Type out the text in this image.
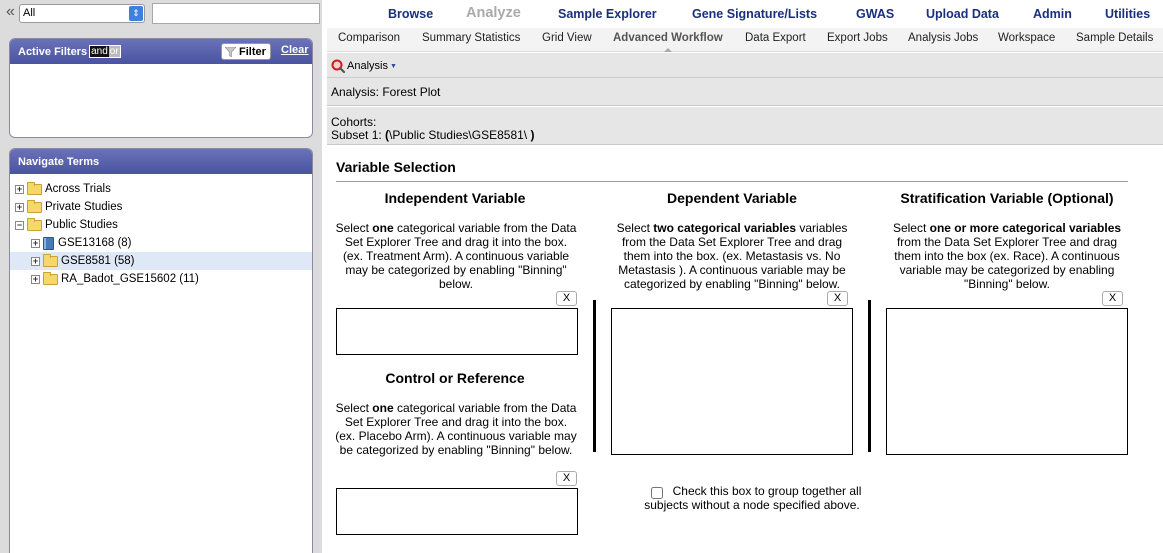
« All	⇕
Active Filters and or	Filter Clear
Navigate Terms
+ Across Trials
+ Private Studies
− Public Studies
+ GSE13168 (8)
+ GSE8581 (58)
+ RA_Badot_GSE15602 (11)
Browse Analyze	Sample Explorer	Gene Signature/Lists	GWAS	Upload Data	Admin	Utilities
Comparison Summary Statistics Grid View Advanced Workflow Data Export Export Jobs Analysis Jobs Workspace Sample Details
Analysis ▼
Analysis: Forest Plot
Cohorts:
Subset 1: (\Public Studies\GSE8581\ )
Variable Selection
Independent Variable
Select one categorical variable from the Data Set Explorer Tree and drag it into the box. (ex. Treatment Arm). A continuous variable may be categorized by enabling "Binning" below.
X
Control or Reference
Select one categorical variable from the Data Set Explorer Tree and drag it into the box. (ex. Placebo Arm). A continuous variable may be categorized by enabling "Binning" below.
X
Dependent Variable
Select two categorical variables variables from the Data Set Explorer Tree and drag them into the box. (ex. Metastasis vs. No Metastasis ). A continuous variable may be categorized by enabling "Binning" below.
X
Stratification Variable (Optional)
Select one or more categorical variables from the Data Set Explorer Tree and drag them into the box (ex. Race). A continuous variable may be categorized by enabling "Binning" below.
X
Check this box to group together all
subjects without a node specified above.
